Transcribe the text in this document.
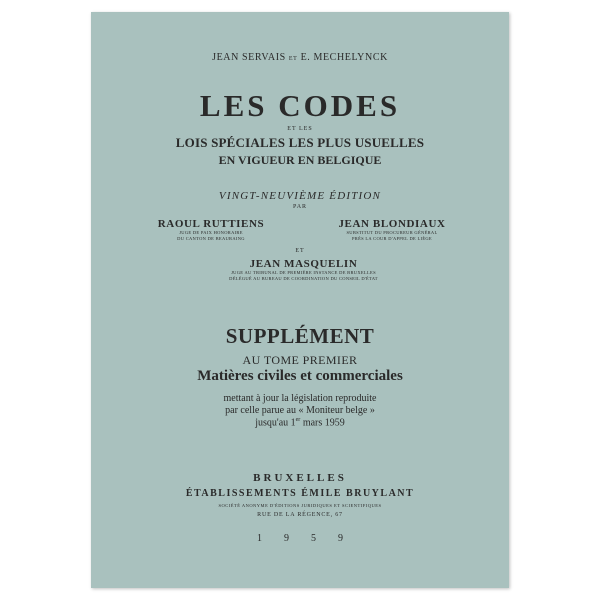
JEAN SERVAIS ET E. MECHELYNCK
LES CODES
ET LES
LOIS SPÉCIALES LES PLUS USUELLES
EN VIGUEUR EN BELGIQUE
VINGT-NEUVIÈME ÉDITION
PAR
RAOUL RUTTIENS
JUGE DE PAIX HONORAIRE
DU CANTON DE BEAURAING
JEAN BLONDIAUX
SUBSTITUT DU PROCUREUR GÉNÉRAL
PRÈS LA COUR D'APPEL DE LIÈGE
ET
JEAN MASQUELIN
JUGE AU TRIBUNAL DE PREMIÈRE INSTANCE DE BRUXELLES
DÉLÉGUÉ AU BUREAU DE COORDINATION DU CONSEIL D'ÉTAT
SUPPLÉMENT
AU TOME PREMIER
Matières civiles et commerciales
mettant à jour la législation reproduite
par celle parue au « Moniteur belge »
jusqu'au 1er mars 1959
BRUXELLES
ÉTABLISSEMENTS ÉMILE BRUYLANT
SOCIÉTÉ ANONYME D'ÉDITIONS JURIDIQUES ET SCIENTIFIQUES
RUE DE LA RÉGENCE, 67
1959
